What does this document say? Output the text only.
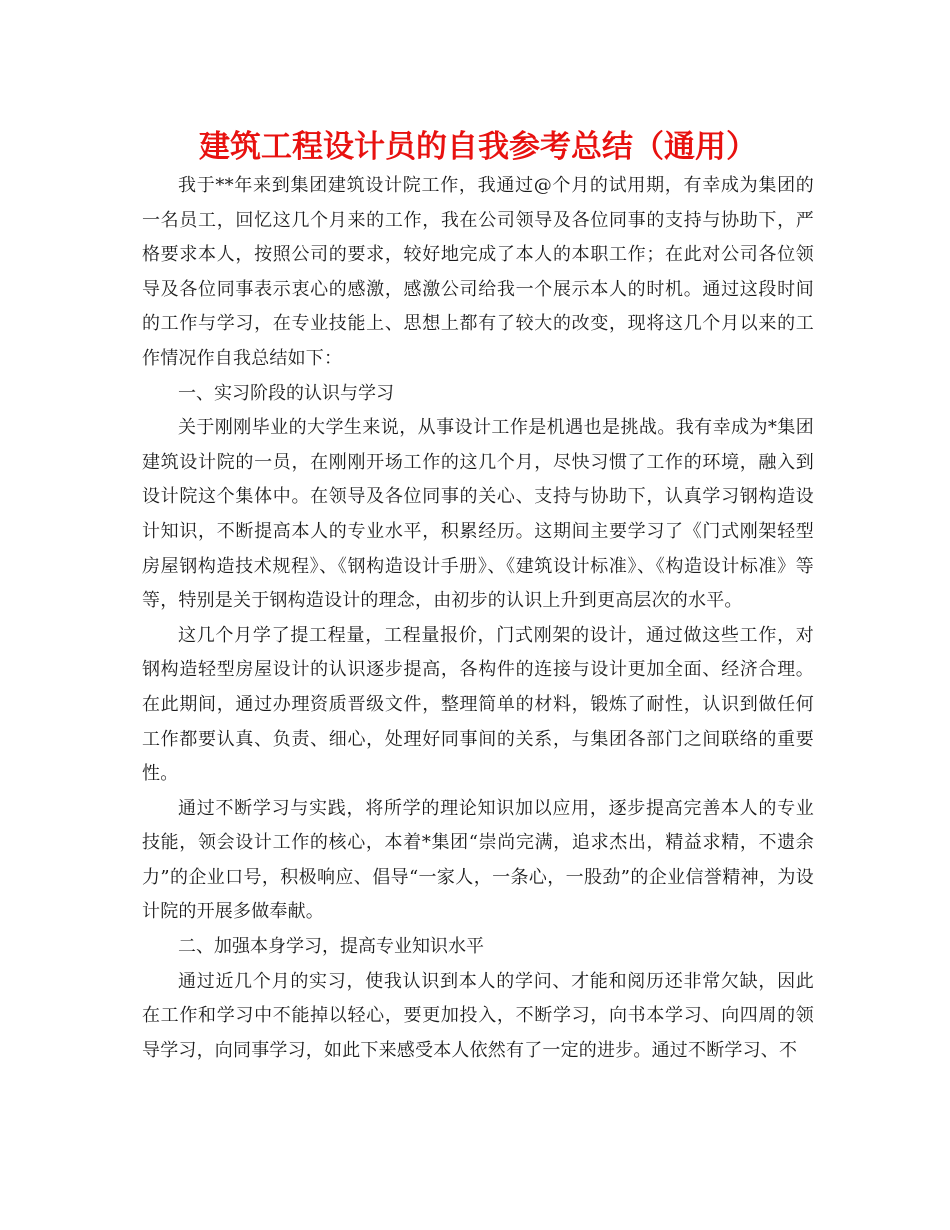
建筑工程设计员的自我参考总结（通用）

我于**年来到集团建筑设计院工作，我通过@个月的试用期，有幸成为集团的一名员工，回忆这几个月来的工作，我在公司领导及各位同事的支持与协助下，严格要求本人，按照公司的要求，较好地完成了本人的本职工作；在此对公司各位领导及各位同事表示衷心的感激，感激公司给我一个展示本人的时机。通过这段时间的工作与学习，在专业技能上、思想上都有了较大的改变，现将这几个月以来的工作情况作自我总结如下：

一、实习阶段的认识与学习

关于刚刚毕业的大学生来说，从事设计工作是机遇也是挑战。我有幸成为*集团建筑设计院的一员，在刚刚开场工作的这几个月，尽快习惯了工作的环境，融入到设计院这个集体中。在领导及各位同事的关心、支持与协助下，认真学习钢构造设计知识，不断提高本人的专业水平，积累经历。这期间主要学习了《门式刚架轻型房屋钢构造技术规程》、《钢构造设计手册》、《建筑设计标准》、《构造设计标准》等等，特别是关于钢构造设计的理念，由初步的认识上升到更高层次的水平。

这几个月学了提工程量，工程量报价，门式刚架的设计，通过做这些工作，对钢构造轻型房屋设计的认识逐步提高，各构件的连接与设计更加全面、经济合理。在此期间，通过办理资质晋级文件，整理简单的材料，锻炼了耐性，认识到做任何工作都要认真、负责、细心，处理好同事间的关系，与集团各部门之间联络的重要性。

通过不断学习与实践，将所学的理论知识加以应用，逐步提高完善本人的专业技能，领会设计工作的核心，本着*集团“崇尚完满，追求杰出，精益求精，不遗余力”的企业口号，积极响应、倡导“一家人，一条心，一股劲”的企业信誉精神，为设计院的开展多做奉献。

二、加强本身学习，提高专业知识水平

通过近几个月的实习，使我认识到本人的学问、才能和阅历还非常欠缺，因此在工作和学习中不能掉以轻心，要更加投入，不断学习，向书本学习、向四周的领导学习，向同事学习，如此下来感受本人依然有了一定的进步。通过不断学习、不
